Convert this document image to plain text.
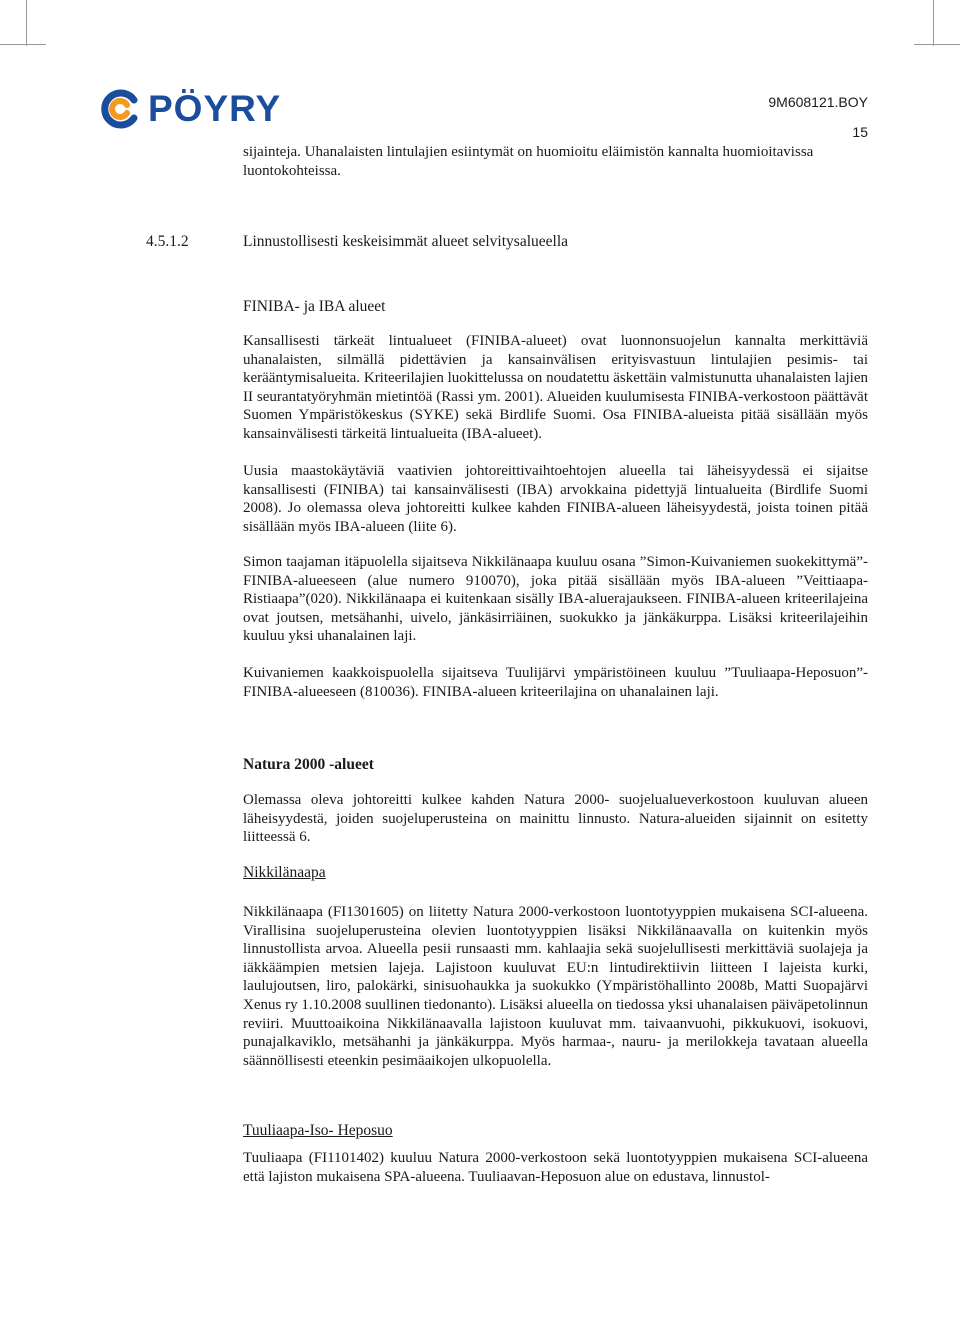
PÖYRY	9M608121.BOY
15
sijainteja. Uhanalaisten lintulajien esiintymät on huomioitu eläimistön kannalta huomioitavissa luontokohteissa.
4.5.1.2	Linnustollisesti keskeisimmät alueet selvitysalueella
FINIBA- ja IBA alueet
Kansallisesti tärkeät lintualueet (FINIBA-alueet) ovat luonnonsuojelun kannalta merkittäviä uhanalaisten, silmällä pidettävien ja kansainvälisen erityisvastuun lintulajien pesimis- tai kerääntymisalueita. Kriteerilajien luokittelussa on noudatettu äskettäin valmistunutta uhanalaisten lajien II seurantatyöryhmän mietintöä (Rassi ym. 2001). Alueiden kuulumisesta FINIBA-verkostoon päättävät Suomen Ympäristökeskus (SYKE) sekä Birdlife Suomi. Osa FINIBA-alueista pitää sisällään myös kansainvälisesti tärkeitä lintualueita (IBA-alueet).
Uusia maastokäytäviä vaativien johtoreittivaihtoehtojen alueella tai läheisyydessä ei sijaitse kansallisesti (FINIBA) tai kansainvälisesti (IBA) arvokkaina pidettyjä lintualueita (Birdlife Suomi 2008). Jo olemassa oleva johtoreitti kulkee kahden FINIBA-alueen läheisyydestä, joista toinen pitää sisällään myös IBA-alueen (liite 6).
Simon taajaman itäpuolella sijaitseva Nikkilänaapa kuuluu osana ”Simon-Kuivaniemen suokekittymä”-FINIBA-alueeseen (alue numero 910070), joka pitää sisällään myös IBA-alueen ”Veittiaapa-Ristiaapa”(020). Nikkilänaapa ei kuitenkaan sisälly IBA-aluerajaukseen. FINIBA-alueen kriteerilajeina ovat joutsen, metsähanhi, uivelo, jänkäsirriäinen, suokukko ja jänkäkurppa. Lisäksi kriteerilajeihin kuuluu yksi uhanalainen laji.
Kuivaniemen kaakkoispuolella sijaitseva Tuulijärvi ympäristöineen kuuluu ”Tuuliaapa-Heposuon”- FINIBA-alueeseen (810036). FINIBA-alueen kriteerilajina on uhanalainen laji.
Natura 2000 -alueet
Olemassa oleva johtoreitti kulkee kahden Natura 2000- suojelualueverkostoon kuuluvan alueen läheisyydestä, joiden suojeluperusteina on mainittu linnusto. Natura-alueiden sijainnit on esitetty liitteessä 6.
Nikkilänaapa
Nikkilänaapa (FI1301605) on liitetty Natura 2000-verkostoon luontotyyppien mukaisena SCI-alueena. Virallisina suojeluperusteina olevien luontotyyppien lisäksi Nikkilänaavalla on kuitenkin myös linnustollista arvoa. Alueella pesii runsaasti mm. kahlaajia sekä suojelullisesti merkittäviä suolajeja ja iäkkäämpien metsien lajeja. Lajistoon kuuluvat EU:n lintudirektiivin liitteen I lajeista kurki, laulujoutsen, liro, palokärki, sinisuohaukka ja suokukko (Ympäristöhallinto 2008b, Matti Suopajärvi Xenus ry 1.10.2008 suullinen tiedonanto). Lisäksi alueella on tiedossa yksi uhanalaisen päiväpetolinnun reviiri. Muuttoaikoina Nikkilänaavalla lajistoon kuuluvat mm. taivaanvuohi, pikkukuovi, isokuovi, punajalkaviklo, metsähanhi ja jänkäkurppa. Myös harmaa-, nauru- ja merilokkeja tavataan alueella säännöllisesti eteenkin pesimäaikojen ulkopuolella.
Tuuliaapa-Iso- Heposuo
Tuuliaapa (FI1101402) kuuluu Natura 2000-verkostoon sekä luontotyyppien mukaisena SCI-alueena että lajiston mukaisena SPA-alueena. Tuuliaavan-Heposuon alue on edustava, linnustol-
